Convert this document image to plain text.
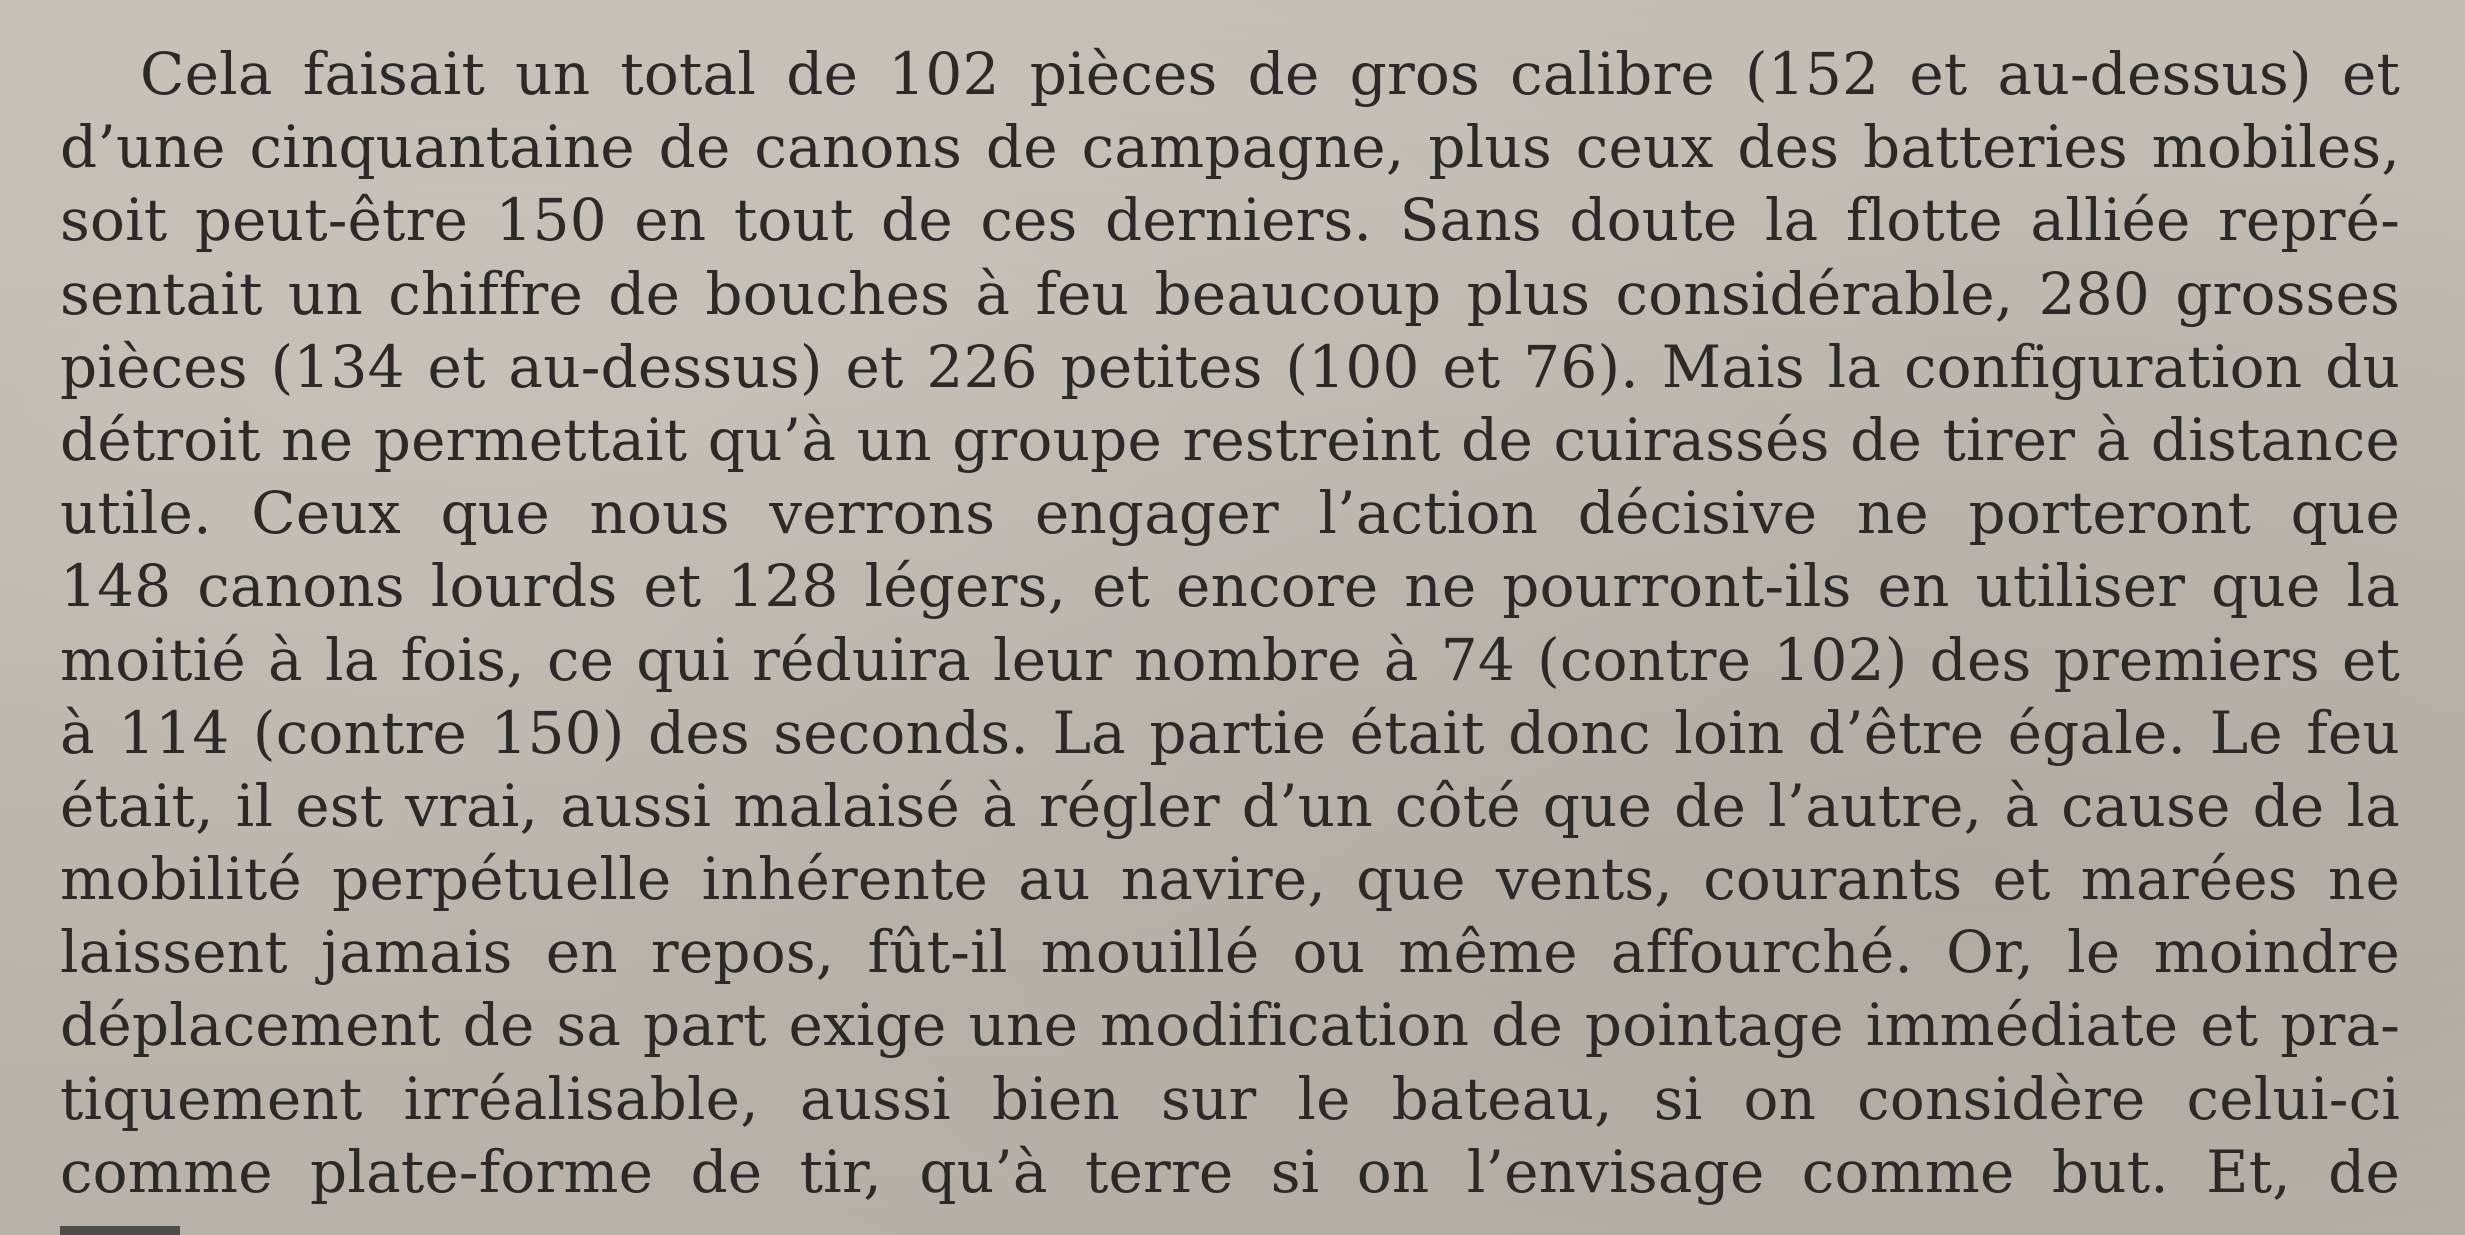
Cela faisait un total de 102 pièces de gros calibre (152 et au-dessus) et
d’une cinquantaine de canons de campagne, plus ceux des batteries mobiles,
soit peut-être 150 en tout de ces derniers. Sans doute la flotte alliée repré-
sentait un chiffre de bouches à feu beaucoup plus considérable, 280 grosses
pièces (134 et au-dessus) et 226 petites (100 et 76). Mais la configuration du
détroit ne permettait qu’à un groupe restreint de cuirassés de tirer à distance
utile. Ceux que nous verrons engager l’action décisive ne porteront que
148 canons lourds et 128 légers, et encore ne pourront-ils en utiliser que la
moitié à la fois, ce qui réduira leur nombre à 74 (contre 102) des premiers et
à 114 (contre 150) des seconds. La partie était donc loin d’être égale. Le feu
était, il est vrai, aussi malaisé à régler d’un côté que de l’autre, à cause de la
mobilité perpétuelle inhérente au navire, que vents, courants et marées ne
laissent jamais en repos, fût-il mouillé ou même affourché. Or, le moindre
déplacement de sa part exige une modification de pointage immédiate et pra-
tiquement irréalisable, aussi bien sur le bateau, si on considère celui-ci
comme plate-forme de tir, qu’à terre si on l’envisage comme but. Et, de
